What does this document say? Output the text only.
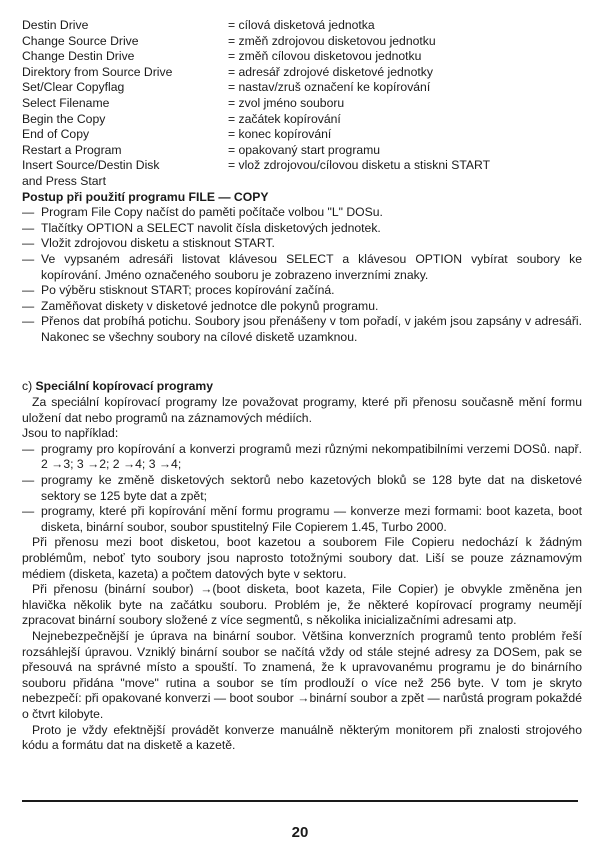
Destin Drive	= cílová disketová jednotka
Change Source Drive	= změň zdrojovou disketovou jednotku
Change Destin Drive	= změň cílovou disketovou jednotku
Direktory from Source Drive	= adresář zdrojové disketové jednotky
Set/Clear Copyflag	= nastav/zruš označení ke kopírování
Select Filename	= zvol jméno souboru
Begin the Copy	= začátek kopírování
End of Copy	= konec kopírování
Restart a Program	= opakovaný start programu
Insert Source/Destin Disk	= vlož zdrojovou/cílovou disketu a stiskni START
and Press Start	
Postup při použití programu FILE — COPY
— Program File Copy načíst do paměti počítače volbou "L" DOSu.
— Tlačítky OPTION a SELECT navolit čísla disketových jednotek.
— Vložit zdrojovou disketu a stisknout START.
— Ve vypsaném adresáři listovat klávesou SELECT a klávesou OPTION vybírat soubory ke kopírování. Jméno označeného souboru je zobrazeno inverzními znaky.
— Po výběru stisknout START; proces kopírování začíná.
— Zaměňovat diskety v disketové jednotce dle pokynů programu.
— Přenos dat probíhá potichu. Soubory jsou přenášeny v tom pořadí, v jakém jsou zapsány v adresáři. Nakonec se všechny soubory na cílové disketě uzamknou.
c) Speciální kopírovací programy

Za speciální kopírovací programy lze považovat programy, které při přenosu současně mění formu uložení dat nebo programů na záznamových médiích.

Jsou to například:

— programy pro kopírování a konverzi programů mezi různými nekompatibilními verzemi DOSů. např. 2 →3; 3 →2; 2 →4; 3 →4;
— programy ke změně disketových sektorů nebo kazetových bloků se 128 byte dat na disketové sektory se 125 byte dat a zpět;
— programy, které při kopírování mění formu programu — konverze mezi formami: boot kazeta, boot disketa, binární soubor, soubor spustitelný File Copierem 1.45, Turbo 2000.

Při přenosu mezi boot disketou, boot kazetou a souborem File Copieru nedochází k žádným problémům, neboť tyto soubory jsou naprosto totožnými soubory dat. Liší se pouze záznamovým médiem (disketa, kazeta) a počtem datových byte v sektoru.

Při přenosu (binární soubor) →(boot disketa, boot kazeta, File Copier) je obvykle změněna jen hlavička několik byte na začátku souboru. Problém je, že některé kopírovací programy neumějí zpracovat binární soubory složené z více segmentů, s několika inicializačními adresami atp.

Nejnebezpečnější je úprava na binární soubor. Většina konverzních programů tento problém řeší rozsáhlejší úpravou. Vzniklý binární soubor se načítá vždy od stále stejné adresy za DOSem, pak se přesouvá na správné místo a spouští. To znamená, že k upravovanému programu je do binárního souboru přidána "move" rutina a soubor se tím prodlouží o více než 256 byte. V tom je skryto nebezpečí: při opakované konverzi — boot soubor →binární soubor a zpět — narůstá program pokaždé o čtvrt kilobyte.

Proto je vždy efektnější provádět konverze manuálně některým monitorem při znalosti strojového kódu a formátu dat na disketě a kazetě.

20
